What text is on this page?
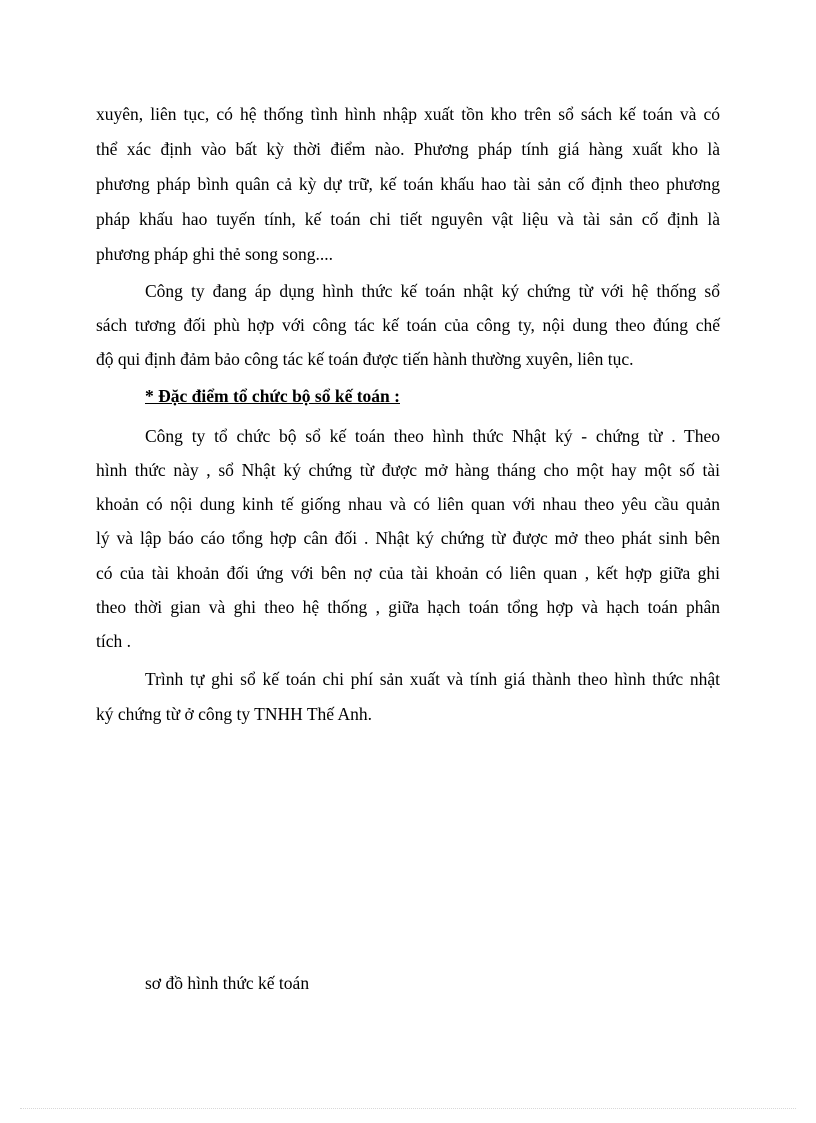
xuyên, liên tục, có hệ thống tình hình nhập xuất tồn kho trên sổ sách kế toán và có
thể xác định vào bất kỳ thời điểm nào. Phương pháp tính giá hàng xuất kho là
phương pháp bình quân cả kỳ dự trữ, kế toán khấu hao tài sản cố định theo phương
pháp khấu hao tuyến tính, kế toán chi tiết nguyên vật liệu và tài sản cố định là
phương pháp ghi thẻ song song....
Công ty đang áp dụng hình thức kế toán nhật ký chứng từ với hệ thống sổ
sách tương đối phù hợp với công tác kế toán của công ty, nội dung theo đúng chế
độ qui định đảm bảo công tác kế toán được tiến hành thường xuyên, liên tục.
* Đặc điểm tổ chức bộ sổ kế toán :
Công ty tổ chức bộ sổ kế toán theo hình thức Nhật ký - chứng từ . Theo
hình thức này , sổ Nhật ký chứng từ được mở hàng tháng cho một hay một số tài
khoản có nội dung kinh tế giống nhau và có liên quan với nhau theo yêu cầu quản
lý và lập báo cáo tổng hợp cân đối . Nhật ký chứng từ được mở theo phát sinh bên
có của tài khoản đối ứng với bên nợ của tài khoản có liên quan , kết hợp giữa ghi
theo thời gian và ghi theo hệ thống , giữa hạch toán tổng hợp và hạch toán phân
tích .
Trình tự ghi sổ kế toán chi phí sản xuất và tính giá thành theo hình thức nhật
ký chứng từ ở công ty TNHH Thế Anh.
sơ đồ hình thức kế toán
